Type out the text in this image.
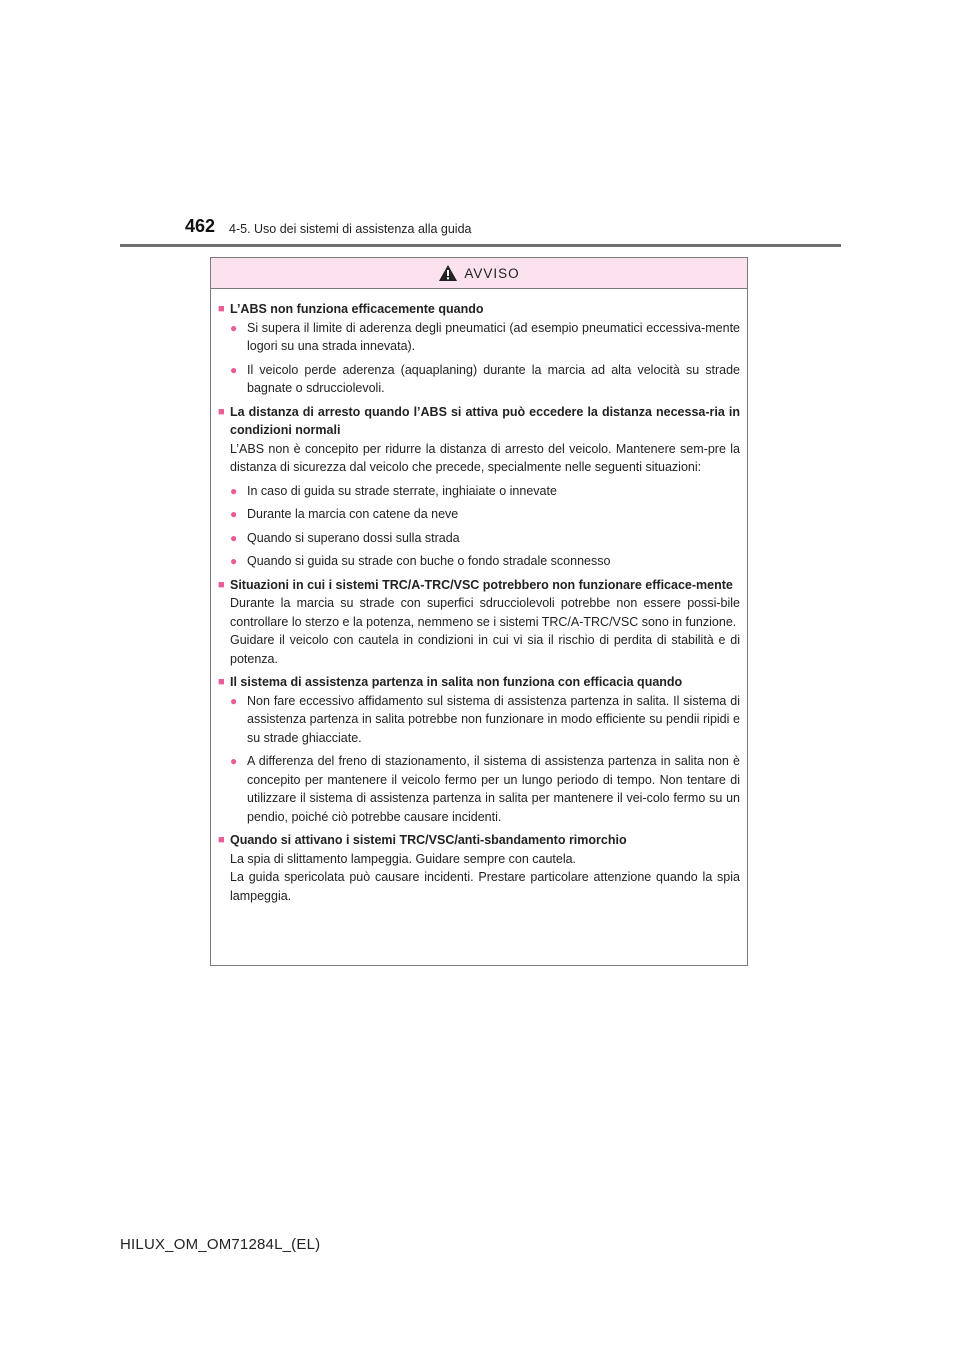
462 4-5. Uso dei sistemi di assistenza alla guida
AVVISO
■ L’ABS non funziona efficacemente quando
● Si supera il limite di aderenza degli pneumatici (ad esempio pneumatici eccessiva-mente logori su una strada innevata).
● Il veicolo perde aderenza (aquaplaning) durante la marcia ad alta velocità su strade bagnate o sdrucciolevoli.
■ La distanza di arresto quando l’ABS si attiva può eccedere la distanza necessa-ria in condizioni normali
L’ABS non è concepito per ridurre la distanza di arresto del veicolo. Mantenere sem-pre la distanza di sicurezza dal veicolo che precede, specialmente nelle seguenti situazioni:
● In caso di guida su strade sterrate, inghiaiate o innevate
● Durante la marcia con catene da neve
● Quando si superano dossi sulla strada
● Quando si guida su strade con buche o fondo stradale sconnesso
■ Situazioni in cui i sistemi TRC/A-TRC/VSC potrebbero non funzionare efficace-mente
Durante la marcia su strade con superfici sdrucciolevoli potrebbe non essere possi-bile controllare lo sterzo e la potenza, nemmeno se i sistemi TRC/A-TRC/VSC sono in funzione.
Guidare il veicolo con cautela in condizioni in cui vi sia il rischio di perdita di stabilità e di potenza.
■ Il sistema di assistenza partenza in salita non funziona con efficacia quando
● Non fare eccessivo affidamento sul sistema di assistenza partenza in salita. Il sistema di assistenza partenza in salita potrebbe non funzionare in modo efficiente su pendii ripidi e su strade ghiacciate.
● A differenza del freno di stazionamento, il sistema di assistenza partenza in salita non è concepito per mantenere il veicolo fermo per un lungo periodo di tempo. Non tentare di utilizzare il sistema di assistenza partenza in salita per mantenere il vei-colo fermo su un pendio, poiché ciò potrebbe causare incidenti.
■ Quando si attivano i sistemi TRC/VSC/anti-sbandamento rimorchio
La spia di slittamento lampeggia. Guidare sempre con cautela.
La guida spericolata può causare incidenti. Prestare particolare attenzione quando la spia lampeggia.
HILUX_OM_OM71284L_(EL)
